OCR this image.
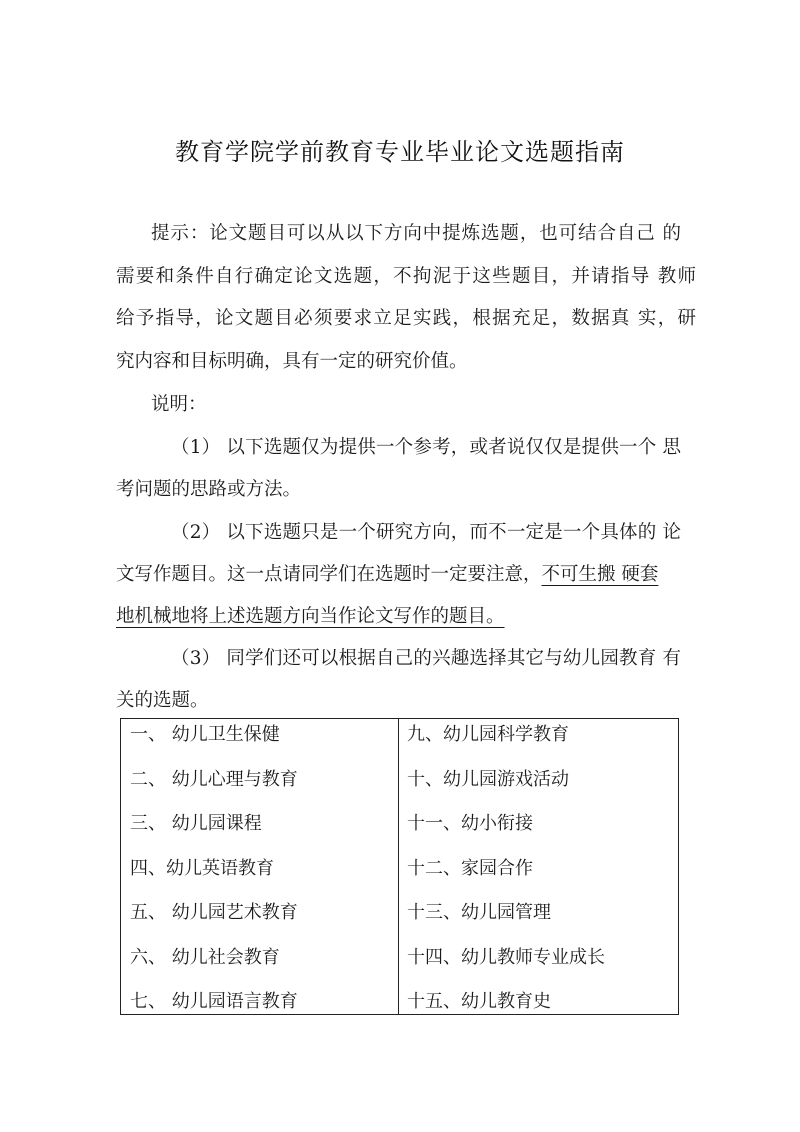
教育学院学前教育专业毕业论文选题指南
提示：论文题目可以从以下方向中提炼选题，也可结合自己 的
需要和条件自行确定论文选题，不拘泥于这些题目，并请指导 教师
给予指导，论文题目必须要求立足实践，根据充足，数据真 实，研
究内容和目标明确，具有一定的研究价值。
说明：
（1） 以下选题仅为提供一个参考，或者说仅仅是提供一个 思
考问题的思路或方法。
（2） 以下选题只是一个研究方向，而不一定是一个具体的 论
文写作题目。这一点请同学们在选题时一定要注意，不可生搬 硬套
地机械地将上述选题方向当作论文写作的题目。
（3） 同学们还可以根据自己的兴趣选择其它与幼儿园教育 有
关的选题。
一、 幼儿卫生保健
二、 幼儿心理与教育
三、 幼儿园课程
四、幼儿英语教育
五、 幼儿园艺术教育
六、 幼儿社会教育
七、 幼儿园语言教育
九、幼儿园科学教育
十、幼儿园游戏活动
十一、幼小衔接
十二、家园合作
十三、幼儿园管理
十四、幼儿教师专业成长
十五、幼儿教育史
